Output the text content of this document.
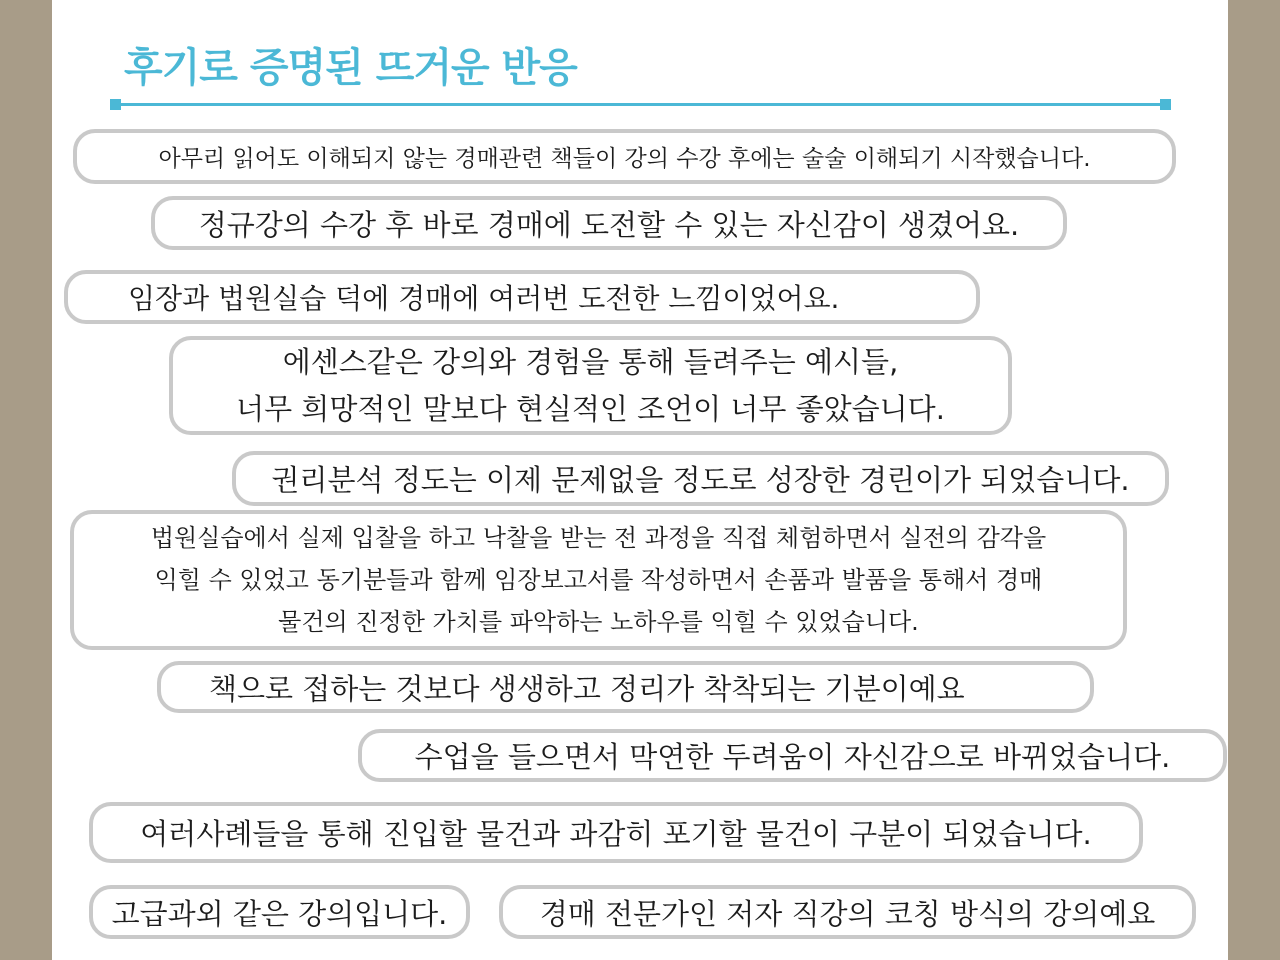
후기로 증명된 뜨거운 반응
아무리 읽어도 이해되지 않는 경매관련 책들이 강의 수강 후에는 술술 이해되기 시작했습니다.
정규강의 수강 후 바로 경매에 도전할 수 있는 자신감이 생겼어요.
임장과 법원실습 덕에 경매에 여러번 도전한 느낌이었어요.
에센스같은 강의와 경험을 통해 들려주는 예시들,
너무 희망적인 말보다 현실적인 조언이 너무 좋았습니다.
권리분석 정도는 이제 문제없을 정도로 성장한 경린이가 되었습니다.
법원실습에서 실제 입찰을 하고 낙찰을 받는 전 과정을 직접 체험하면서 실전의 감각을
익힐 수 있었고 동기분들과 함께 임장보고서를 작성하면서 손품과 발품을 통해서 경매
물건의 진정한 가치를 파악하는 노하우를 익힐 수 있었습니다.
책으로 접하는 것보다 생생하고 정리가 착착되는 기분이예요
수업을 들으면서 막연한 두려움이 자신감으로 바뀌었습니다.
여러사례들을 통해 진입할 물건과 과감히 포기할 물건이 구분이 되었습니다.
고급과외 같은 강의입니다.	경매 전문가인 저자 직강의 코칭 방식의 강의예요
